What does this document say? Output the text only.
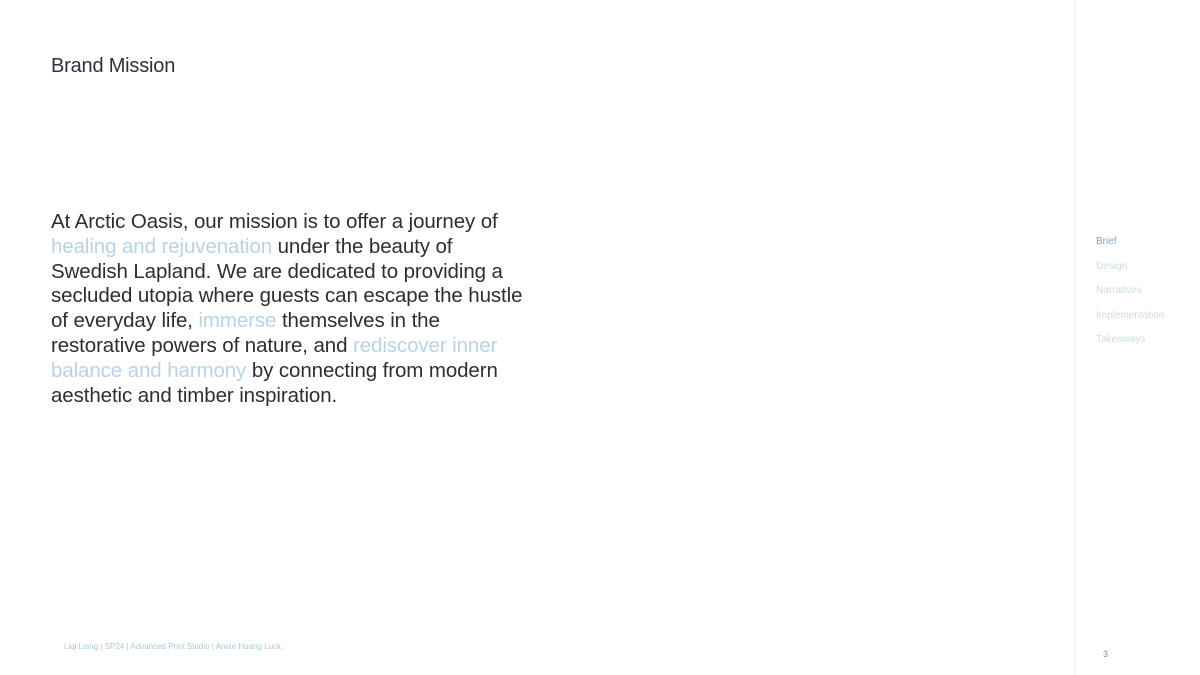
Brand Mission

At Arctic Oasis, our mission is to offer a journey of healing and rejuvenation under the beauty of Swedish Lapland. We are dedicated to providing a secluded utopia where guests can escape the hustle of everyday life, immerse themselves in the restorative powers of nature, and rediscover inner balance and harmony by connecting from modern aesthetic and timber inspiration.

Liqi Liang | SP24 | Advanced Print Studio | Annie Huang Luck
Brief
Design
Narratives
Implementation
Takeaways
3
